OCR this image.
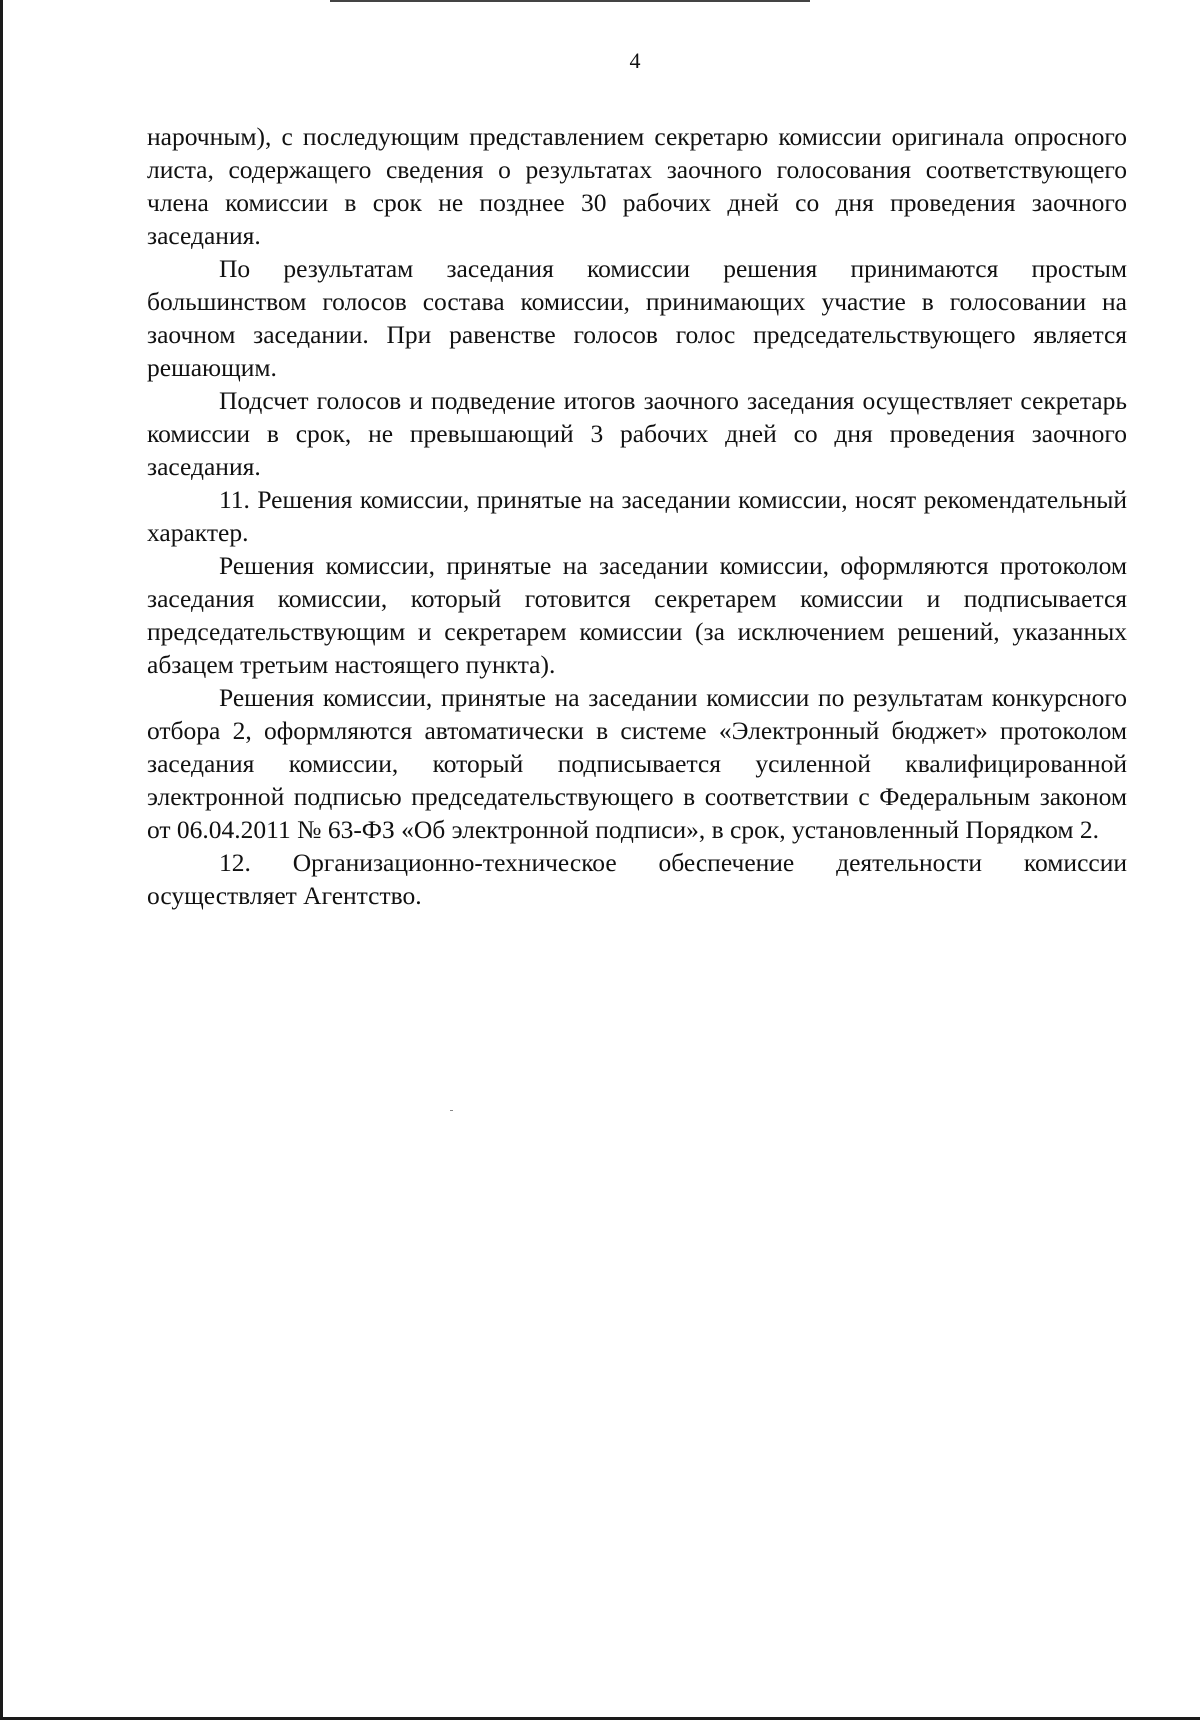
4

нарочным), с последующим представлением секретарю комиссии оригинала опросного листа, содержащего сведения о результатах заочного голосования соответствующего члена комиссии в срок не позднее 30 рабочих дней со дня проведения заочного заседания.

По результатам заседания комиссии решения принимаются простым большинством голосов состава комиссии, принимающих участие в голосовании на заочном заседании. При равенстве голосов голос председательствующего является решающим.

Подсчет голосов и подведение итогов заочного заседания осуществляет секретарь комиссии в срок, не превышающий 3 рабочих дней со дня проведения заочного заседания.

11. Решения комиссии, принятые на заседании комиссии, носят рекомендательный характер.

Решения комиссии, принятые на заседании комиссии, оформляются протоколом заседания комиссии, который готовится секретарем комиссии и подписывается председательствующим и секретарем комиссии (за исключением решений, указанных абзацем третьим настоящего пункта).

Решения комиссии, принятые на заседании комиссии по результатам конкурсного отбора 2, оформляются автоматически в системе «Электронный бюджет» протоколом заседания комиссии, который подписывается усиленной квалифицированной электронной подписью председательствующего в соответствии с Федеральным законом от 06.04.2011 № 63-ФЗ «Об электронной подписи», в срок, установленный Порядком 2.

12. Организационно-техническое обеспечение деятельности комиссии осуществляет Агентство.
